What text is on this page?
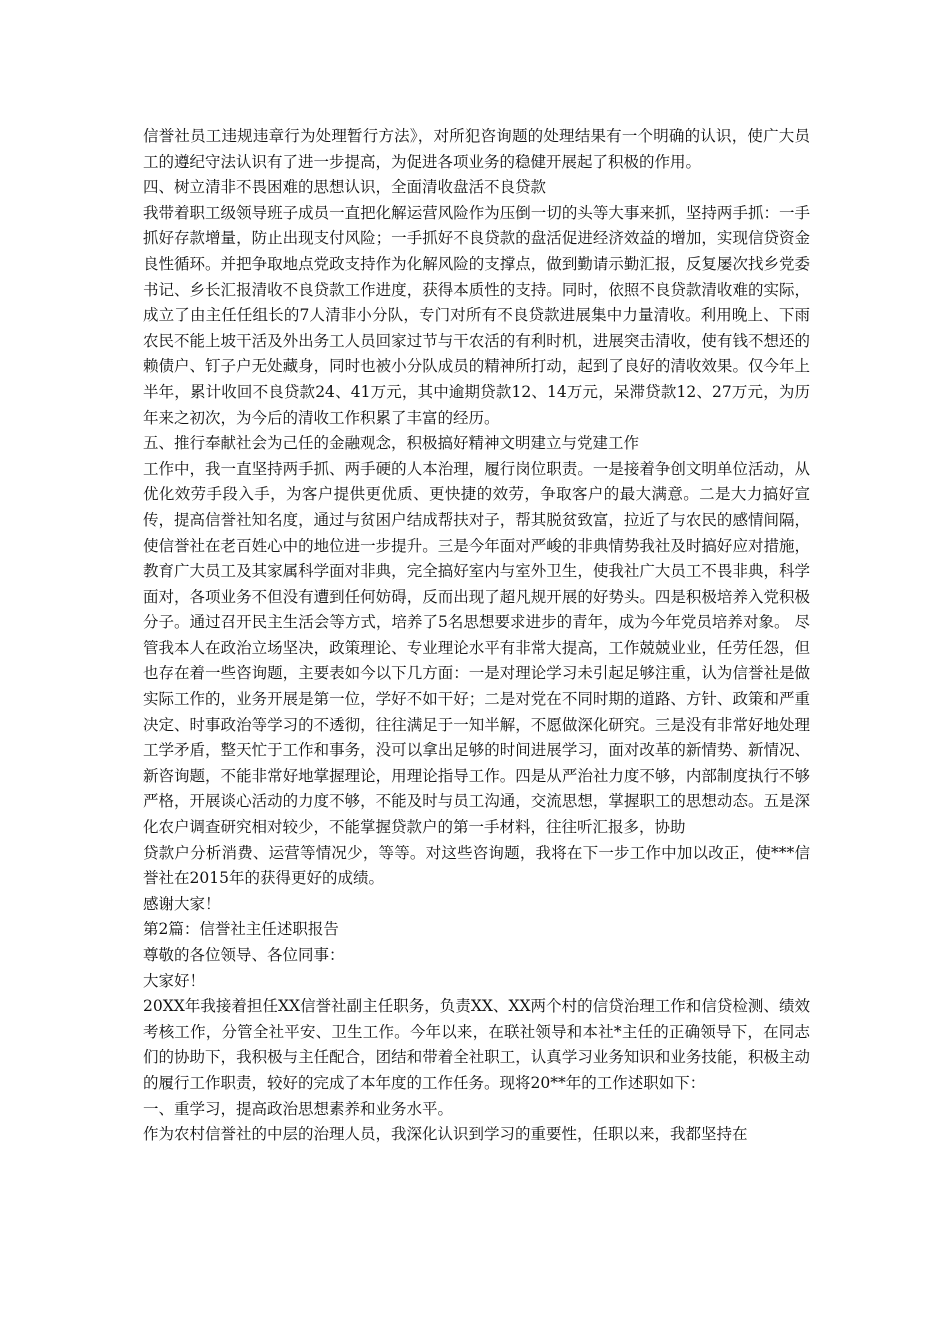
信誉社员工违规违章行为处理暂行方法》，对所犯咨询题的处理结果有一个明确的认识，使广大员工的遵纪守法认识有了进一步提高，为促进各项业务的稳健开展起了积极的作用。

四、树立清非不畏困难的思想认识，全面清收盘活不良贷款

我带着职工级领导班子成员一直把化解运营风险作为压倒一切的头等大事来抓，坚持两手抓：一手抓好存款增量，防止出现支付风险；一手抓好不良贷款的盘活促进经济效益的增加，实现信贷资金良性循环。并把争取地点党政支持作为化解风险的支撑点，做到勤请示勤汇报，反复屡次找乡党委书记、乡长汇报清收不良贷款工作进度，获得本质性的支持。同时，依照不良贷款清收难的实际，成立了由主任任组长的7人清非小分队，专门对所有不良贷款进展集中力量清收。利用晚上、下雨农民不能上坡干活及外出务工人员回家过节与干农活的有利时机，进展突击清收，使有钱不想还的赖债户、钉子户无处藏身，同时也被小分队成员的精神所打动，起到了良好的清收效果。仅今年上半年，累计收回不良贷款24、41万元，其中逾期贷款12、14万元，呆滞贷款12、27万元，为历年来之初次，为今后的清收工作积累了丰富的经历。

五、推行奉献社会为己任的金融观念，积极搞好精神文明建立与党建工作

工作中，我一直坚持两手抓、两手硬的人本治理，履行岗位职责。一是接着争创文明单位活动，从优化效劳手段入手，为客户提供更优质、更快捷的效劳，争取客户的最大满意。二是大力搞好宣传，提高信誉社知名度，通过与贫困户结成帮扶对子，帮其脱贫致富，拉近了与农民的感情间隔，使信誉社在老百姓心中的地位进一步提升。三是今年面对严峻的非典情势我社及时搞好应对措施，教育广大员工及其家属科学面对非典，完全搞好室内与室外卫生，使我社广大员工不畏非典，科学面对，各项业务不但没有遭到任何妨碍，反而出现了超凡规开展的好势头。四是积极培养入党积极分子。通过召开民主生活会等方式，培养了5名思想要求进步的青年，成为今年党员培养对象。 尽管我本人在政治立场坚决，政策理论、专业理论水平有非常大提高，工作兢兢业业，任劳任怨，但也存在着一些咨询题，主要表如今以下几方面：一是对理论学习未引起足够注重，认为信誉社是做实际工作的，业务开展是第一位，学好不如干好；二是对党在不同时期的道路、方针、政策和严重决定、时事政治等学习的不透彻，往往满足于一知半解，不愿做深化研究。三是没有非常好地处理工学矛盾，整天忙于工作和事务，没可以拿出足够的时间进展学习，面对改革的新情势、新情况、新咨询题，不能非常好地掌握理论，用理论指导工作。四是从严治社力度不够，内部制度执行不够严格，开展谈心活动的力度不够，不能及时与员工沟通，交流思想，掌握职工的思想动态。五是深化农户调查研究相对较少，不能掌握贷款户的第一手材料，往往听汇报多，协助

贷款户分析消费、运营等情况少，等等。对这些咨询题，我将在下一步工作中加以改正，使***信誉社在2015年的获得更好的成绩。

感谢大家！

第2篇：信誉社主任述职报告

尊敬的各位领导、各位同事：

大家好！

20XX年我接着担任XX信誉社副主任职务，负责XX、XX两个村的信贷治理工作和信贷检测、绩效考核工作，分管全社平安、卫生工作。今年以来，在联社领导和本社*主任的正确领导下，在同志们的协助下，我积极与主任配合，团结和带着全社职工，认真学习业务知识和业务技能，积极主动的履行工作职责，较好的完成了本年度的工作任务。现将20**年的工作述职如下：

一、重学习，提高政治思想素养和业务水平。

作为农村信誉社的中层的治理人员，我深化认识到学习的重要性，任职以来，我都坚持在
